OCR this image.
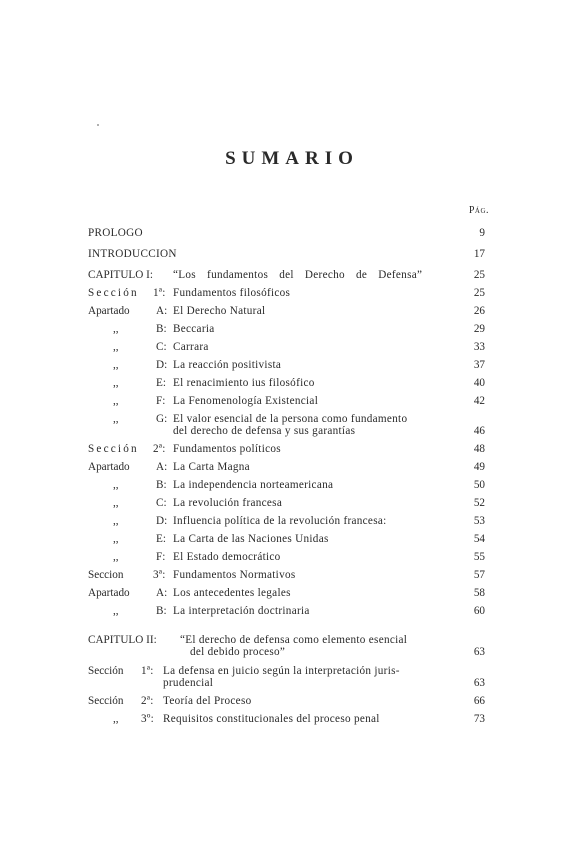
SUMARIO
Pág.
PROLOGO	9
INTRODUCCION	17
CAPITULO I: “Los fundamentos del Derecho de Defensa”	25
Sección 1ª: Fundamentos filosóficos	25
Apartado A: El Derecho Natural	26
,,	B: Beccaria	29
,,	C: Carrara	33
,,	D: La reacción positivista	37
,,	E: El renacimiento ius filosófico	40
,,	F: La Fenomenología Existencial	42
,,	G: El valor esencial de la persona como fundamento
del derecho de defensa y sus garantías	46
Sección 2ª: Fundamentos políticos	48
Apartado A: La Carta Magna	49
,,	B: La independencia norteamericana	50
,,	C: La revolución francesa	52
,,	D: Influencia política de la revolución francesa:	53
,,	E: La Carta de las Naciones Unidas	54
,,	F: El Estado democrático	55
Seccion	3ª: Fundamentos Normativos	57
Apartado A: Los antecedentes legales	58
,,	B: La interpretación doctrinaria	60
CAPITULO II: “El derecho de defensa como elemento esencial
del debido proceso”	63
Sección 1ª: La defensa en juicio según la interpretación juris-
prudencial	63
Sección 2ª: Teoría del Proceso	66
,, 3º: Requisitos constitucionales del proceso penal	73
